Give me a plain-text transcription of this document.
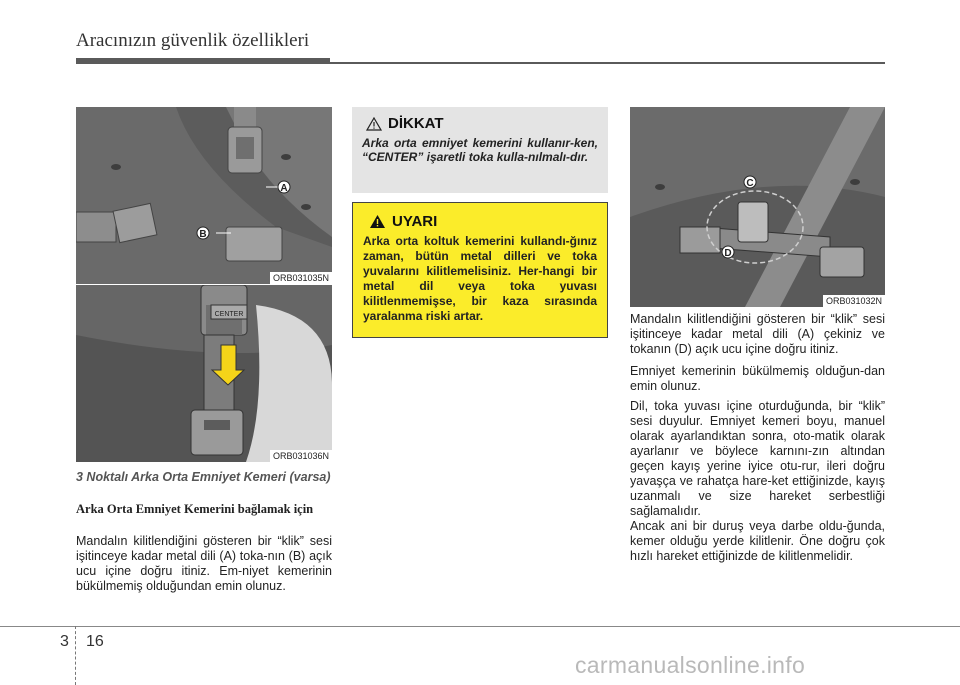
Aracınızın güvenlik özellikleri
A
B
ORB031035N
CENTER
ORB031036N
C
D
ORB031032N
3 Noktalı Arka Orta Emniyet Kemeri (varsa)
Arka Orta Emniyet Kemerini bağlamak için
Mandalın kilitlendiğini gösteren bir “klik” sesi işitinceye kadar metal dili (A) toka-nın (B) açık ucu içine doğru itiniz. Em-niyet kemerinin bükülmemiş olduğundan emin olunuz.
DİKKAT
Arka orta emniyet kemerini kullanır-ken, “CENTER” işaretli toka kulla-nılmalı-dır.
UYARI
Arka orta koltuk kemerini kullandı-ğınız zaman, bütün metal dilleri ve toka yuvalarını kilitlemelisiniz. Her-hangi bir metal dil veya toka yuvası kilitlenmemişse, bir kaza sırasında yaralanma riski artar.	Mandalın kilitlendiğini gösteren bir “klik” sesi işitinceye kadar metal dili (A) çekiniz ve tokanın (D) açık ucu içine doğru itiniz.
Emniyet kemerinin bükülmemiş olduğun-dan emin olunuz.
Dil, toka yuvası içine oturduğunda, bir “klik” sesi duyulur. Emniyet kemeri boyu, manuel olarak ayarlandıktan sonra, oto-matik olarak ayarlanır ve böylece karnını-zın altından geçen kayış yerine iyice otu-rur, ileri doğru yavaşça ve rahatça hare-ket ettiğinizde, kayış uzanmalı ve size hareket serbestliği sağlamalıdır.
Ancak ani bir duruş veya darbe oldu-ğunda, kemer olduğu yerde kilitlenir. Öne doğru çok hızlı hareket ettiğinizde de kilitlenmelidir.
3 16
carmanualsonline.info
